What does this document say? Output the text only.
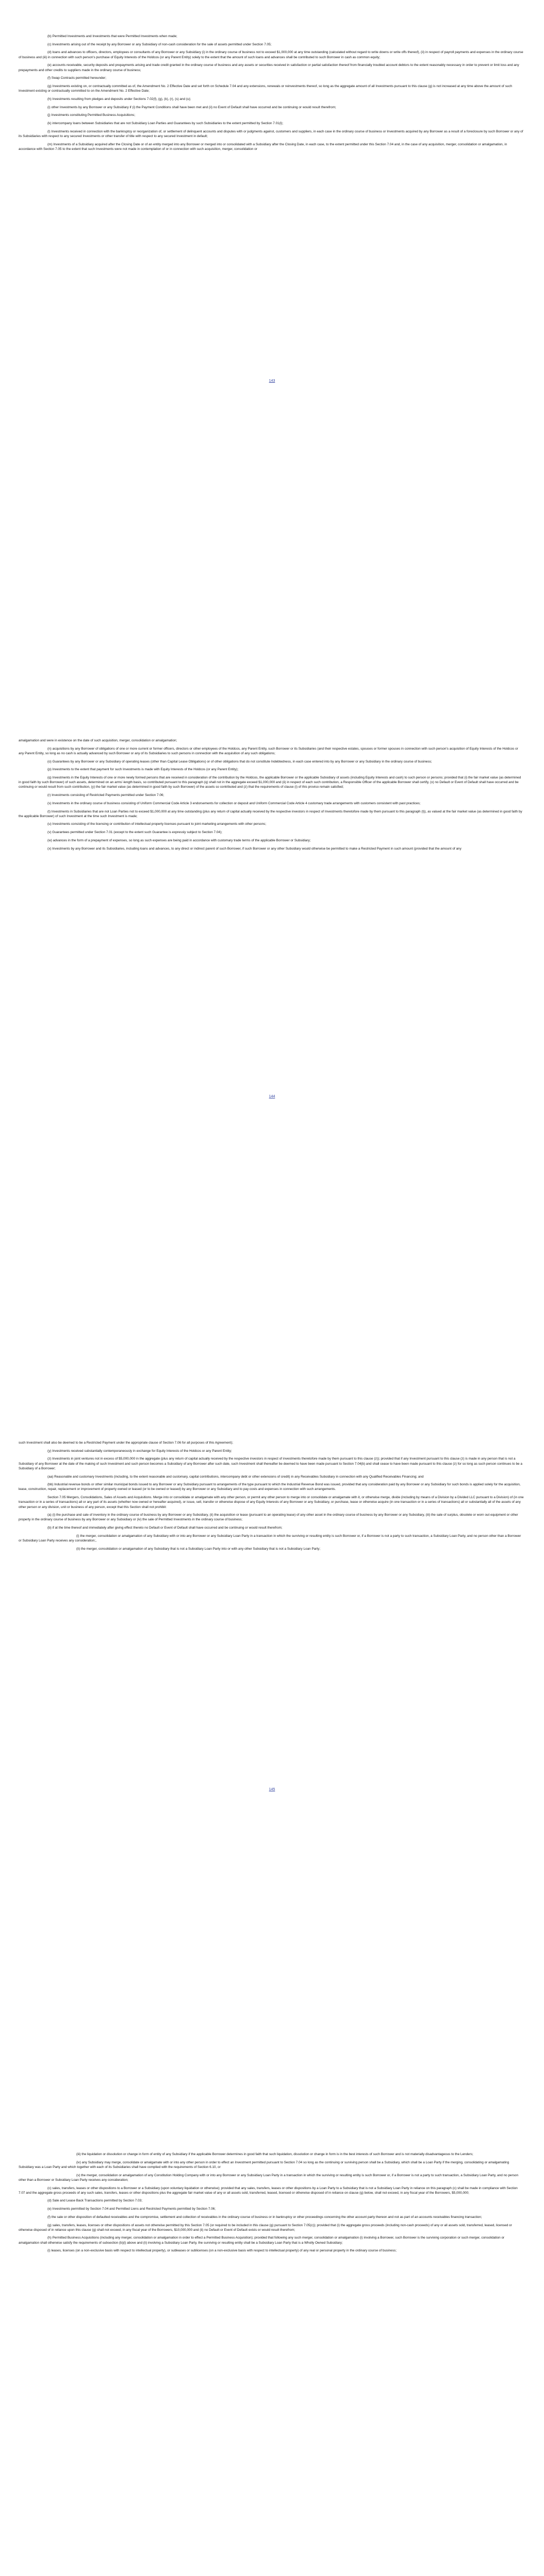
(b) Permitted Investments and Investments that were Permitted Investments when made;

(c) Investments arising out of the receipt by any Borrower or any Subsidiary of non-cash consideration for the sale of assets permitted under Section 7.05;

(d) loans and advances to officers, directors, employees or consultants of any Borrower or any Subsidiary (i) in the ordinary course of business not to exceed $1,000,000 at any time outstanding (calculated without regard to write downs or write offs thereof), (ii) in respect of payroll payments and expenses in the ordinary course of business and (iii) in connection with such person's purchase of Equity Interests of the Holdcos (or any Parent Entity) solely to the extent that the amount of such loans and advances shall be contributed to such Borrower in cash as common equity;

(e) accounts receivable, security deposits and prepayments arising and trade credit granted in the ordinary course of business and any assets or securities received in satisfaction or partial satisfaction thereof from financially troubled account debtors to the extent reasonably necessary in order to prevent or limit loss and any prepayments and other credits to suppliers made in the ordinary course of business;

(f) Swap Contracts permitted hereunder;

(g) Investments existing on, or contractually committed as of, the Amendment No. 2 Effective Date and set forth on Schedule 7.04 and any extensions, renewals or reinvestments thereof, so long as the aggregate amount of all Investments pursuant to this clause (g) is not increased at any time above the amount of such Investment existing or contractually committed to on the Amendment No. 2 Effective Date;

(h) Investments resulting from pledges and deposits under Sections 7.02(f), (g), (k), (r), (s) and (u);

(i) other Investments by any Borrower or any Subsidiary if (i) the Payment Conditions shall have been met and (ii) no Event of Default shall have occurred and be continuing or would result therefrom;

(j) Investments constituting Permitted Business Acquisitions;

(k) intercompany loans between Subsidiaries that are not Subsidiary Loan Parties and Guarantees by such Subsidiaries to the extent permitted by Section 7.01(l);

(l) Investments received in connection with the bankruptcy or reorganization of, or settlement of delinquent accounts and disputes with or judgments against, customers and suppliers, in each case in the ordinary course of business or Investments acquired by any Borrower as a result of a foreclosure by such Borrower or any of its Subsidiaries with respect to any secured Investments or other transfer of title with respect to any secured Investment in default;

(m) Investments of a Subsidiary acquired after the Closing Date or of an entity merged into any Borrower or merged into or consolidated with a Subsidiary after the Closing Date, in each case, to the extent permitted under this Section 7.04 and, in the case of any acquisition, merger, consolidation or amalgamation, in accordance with Section 7.05 to the extent that such Investments were not made in contemplation of or in connection with such acquisition, merger, consolidation or

143

amalgamation and were in existence on the date of such acquisition, merger, consolidation or amalgamation;

(n) acquisitions by any Borrower of obligations of one or more current or former officers, directors or other employees of the Holdcos, any Parent Entity, such Borrower or its Subsidiaries (and their respective estates, spouses or former spouses in connection with such person's acquisition of Equity Interests of the Holdcos or any Parent Entity, so long as no cash is actually advanced by such Borrower or any of its Subsidiaries to such persons in connection with the acquisition of any such obligations;

(o) Guarantees by any Borrower or any Subsidiary of operating leases (other than Capital Lease Obligations) or of other obligations that do not constitute Indebtedness, in each case entered into by any Borrower or any Subsidiary in the ordinary course of business;

(p) Investments to the extent that payment for such Investments is made with Equity Interests of the Holdcos (or any Parent Entity);

(q) Investments in the Equity Interests of one or more newly formed persons that are received in consideration of the contribution by the Holdcos, the applicable Borrower or the applicable Subsidiary of assets (including Equity Interests and cash) to such person or persons; provided that (i) the fair market value (as determined in good faith by such Borrower) of such assets, determined on an arms'-length basis, so contributed pursuant to this paragraph (q) shall not in the aggregate exceed $1,000,000 and (ii) in respect of each such contribution, a Responsible Officer of the applicable Borrower shall certify, (x) no Default or Event of Default shall have occurred and be continuing or would result from such contribution, (y) the fair market value (as determined in good faith by such Borrower) of the assets so contributed and (z) that the requirements of clause (i) of this proviso remain satisfied;

(r) Investments consisting of Restricted Payments permitted under Section 7.06;

(s) Investments in the ordinary course of business consisting of Uniform Commercial Code Article 3 endorsements for collection or deposit and Uniform Commercial Code Article 4 customary trade arrangements with customers consistent with past practices;

(t) Investments in Subsidiaries that are not Loan Parties not to exceed $1,000,000 at any time outstanding (plus any return of capital actually received by the respective investors in respect of Investments theretofore made by them pursuant to this paragraph (t)), as valued at the fair market value (as determined in good faith by the applicable Borrower) of such Investment at the time such Investment is made;

(u) Investments consisting of the licensing or contribution of intellectual property licenses pursuant to joint marketing arrangements with other persons;

(v) Guarantees permitted under Section 7.01 (except to the extent such Guarantee is expressly subject to Section 7.04);

(w) advances in the form of a prepayment of expenses, so long as such expenses are being paid in accordance with customary trade terms of the applicable Borrower or Subsidiary;

(x) Investments by any Borrower and its Subsidiaries, including loans and advances, to any direct or indirect parent of such Borrower, if such Borrower or any other Subsidiary would otherwise be permitted to make a Restricted Payment in such amount (provided that the amount of any

144

such Investment shall also be deemed to be a Restricted Payment under the appropriate clause of Section 7.06 for all purposes of this Agreement);

(y) Investments received substantially contemporaneously in exchange for Equity Interests of the Holdcos or any Parent Entity;

(z) Investments in joint ventures not in excess of $5,000,000 in the aggregate (plus any return of capital actually received by the respective investors in respect of investments theretofore made by them pursuant to this clause (z)); provided that if any Investment pursuant to this clause (z) is made in any person that is not a Subsidiary of any Borrower at the date of the making of such Investment and such person becomes a Subsidiary of any Borrower after such date, such Investment shall thereafter be deemed to have been made pursuant to Section 7.04(b) and shall cease to have been made pursuant to this clause (z) for so long as such person continues to be a Subsidiary of a Borrower;

(aa) Reasonable and customary Investments (including, to the extent reasonable and customary, capital contributions, intercompany debt or other extensions of credit) in any Receivables Subsidiary in connection with any Qualified Receivables Financing; and

(bb) Industrial revenue bonds or other similar municipal bonds issued to any Borrower or any Subsidiary pursuant to arrangements of the type pursuant to which the Industrial Revenue Bond was issued, provided that any consideration paid by any Borrower or any Subsidiary for such bonds is applied solely for the acquisition, lease, construction, repair, replacement or improvement of property owned or leased (or to be owned or leased) by any Borrower or any Subsidiary and to pay costs and expenses in connection with such arrangements.

Section 7.05 Mergers, Consolidations, Sales of Assets and Acquisitions. Merge into or consolidate or amalgamate with any other person, or permit any other person to merge into or consolidate or amalgamate with it, or otherwise merge, divide (including by means of a Division by a Divided LLC pursuant to a Division) of (in one transaction or in a series of transactions) all or any part of its assets (whether now owned or hereafter acquired), or issue, sell, transfer or otherwise dispose of any Equity Interests of any Borrower or any Subsidiary, or purchase, lease or otherwise acquire (in one transaction or in a series of transactions) all or substantially all of the assets of any other person or any division, unit or business of any person, except that this Section shall not prohibit:

(a) (i) the purchase and sale of inventory in the ordinary course of business by any Borrower or any Subsidiary, (ii) the acquisition or lease (pursuant to an operating lease) of any other asset in the ordinary course of business by any Borrower or any Subsidiary, (iii) the sale of surplus, obsolete or worn out equipment or other property in the ordinary course of business by any Borrower or any Subsidiary or (iv) the sale of Permitted Investments in the ordinary course of business;

(b) if at the time thereof and immediately after giving effect thereto no Default or Event of Default shall have occurred and be continuing or would result therefrom;

(i) the merger, consolidation or amalgamation of any Subsidiary with or into any Borrower or any Subsidiary Loan Party in a transaction in which the surviving or resulting entity is such Borrower or, if a Borrower is not a party to such transaction, a Subsidiary Loan Party, and no person other than a Borrower or Subsidiary Loan Party receives any consideration;,

(ii) the merger, consolidation or amalgamation of any Subsidiary that is not a Subsidiary Loan Party into or with any other Subsidiary that is not a Subsidiary Loan Party;

145

(iii) the liquidation or dissolution or change in form of entity of any Subsidiary if the applicable Borrower determines in good faith that such liquidation, dissolution or change in form is in the best interests of such Borrower and is not materially disadvantageous to the Lenders;

(iv) any Subsidiary may merge, consolidate or amalgamate with or into any other person in order to effect an Investment permitted pursuant to Section 7.04 so long as the continuing or surviving person shall be a Subsidiary, which shall be a Loan Party if the merging, consolidating or amalgamating Subsidiary was a Loan Party and which together with each of its Subsidiaries shall have complied with the requirements of Section 6.10, or

(v) the merger, consolidation or amalgamation of any Constitution Holding Company with or into any Borrower or any Subsidiary Loan Party in a transaction in which the surviving or resulting entity is such Borrower or, if a Borrower is not a party to such transaction, a Subsidiary Loan Party, and no person other than a Borrower or Subsidiary Loan Party receives any consideration;

(c) sales, transfers, leases or other dispositions to a Borrower or a Subsidiary (upon voluntary liquidation or otherwise); provided that any sales, transfers, leases or other dispositions by a Loan Party to a Subsidiary that is not a Subsidiary Loan Party in reliance on this paragraph (c) shall be made in compliance with Section 7.07 and the aggregate gross proceeds of any such sales, transfers, leases or other dispositions plus the aggregate fair market value of any or all assets sold, transferred, leased, licensed or otherwise disposed of in reliance on clause (g) below, shall not exceed, in any fiscal year of the Borrowers, $5,000,000;

(d) Sale and Lease Back Transactions permitted by Section 7.03;

(e) Investments permitted by Section 7.04 and Permitted Liens and Restricted Payments permitted by Section 7.06;

(f) the sale or other disposition of defaulted receivables and the compromise, settlement and collection of receivables in the ordinary course of business or in bankruptcy or other proceedings concerning the other account party thereon and not as part of an accounts receivables financing transaction;

(g) sales, transfers, leases, licenses or other dispositions of assets not otherwise permitted by this Section 7.05 (or required to be included in this clause (g) pursuant to Section 7.05(c)); provided that (i) the aggregate gross proceeds (including non-cash proceeds) of any or all assets sold, transferred, leased, licensed or otherwise disposed of in reliance upon this clause (g) shall not exceed, in any fiscal year of the Borrowers, $10,000,000 and (ii) no Default or Event of Default exists or would result therefrom;

(h) Permitted Business Acquisitions (including any merger, consolidation or amalgamation in order to effect a Permitted Business Acquisition); provided that following any such merger, consolidation or amalgamation (i) involving a Borrower, such Borrower is the surviving corporation or such merger, consolidation or amalgamation shall otherwise satisfy the requirements of subsection (b)(i) above and (ii) involving a Subsidiary Loan Party, the surviving or resulting entity shall be a Subsidiary Loan Party that is a Wholly Owned Subsidiary;

(i) leases, licenses (on a non-exclusive basis with respect to intellectual property), or subleases or sublicenses (on a non-exclusive basis with respect to intellectual property) of any real or personal property in the ordinary course of business;
